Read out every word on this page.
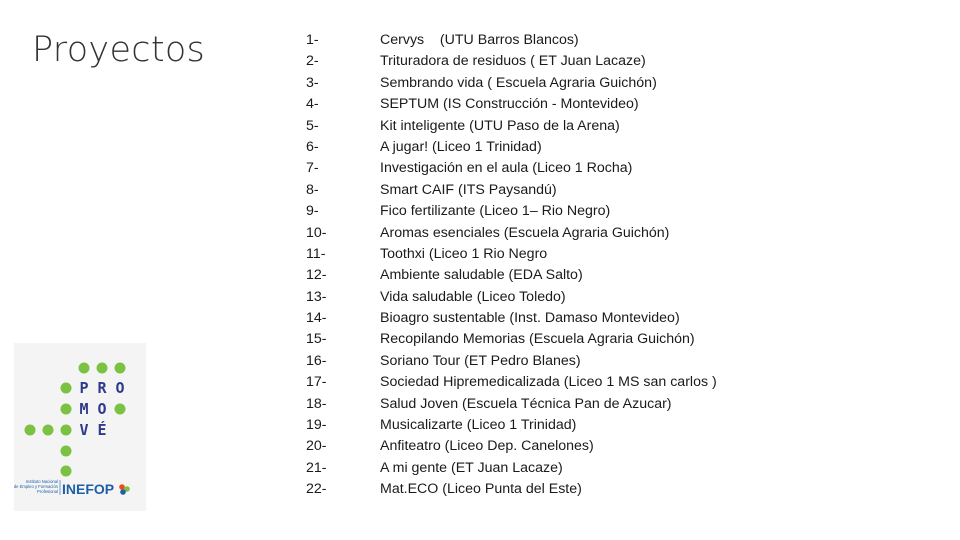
Proyectos	1-
2-
3-
4-
5-
6-
7-
8-
9-
10-
11-
12-
13-
14-
15-
16-
17-
18-
19-
20-
21-
22-
Cervys    (UTU Barros Blancos)
Trituradora de residuos ( ET Juan Lacaze)
Sembrando vida ( Escuela Agraria Guichón)
SEPTUM (IS Construcción - Montevideo)
Kit inteligente (UTU Paso de la Arena)
A jugar! (Liceo 1 Trinidad)
Investigación en el aula (Liceo 1 Rocha)
Smart CAIF (ITS Paysandú)
Fico fertilizante (Liceo 1– Rio Negro)
Aromas esenciales (Escuela Agraria Guichón)
Toothxi (Liceo 1 Rio Negro
Ambiente saludable (EDA Salto)
Vida saludable (Liceo Toledo)
Bioagro sustentable (Inst. Damaso Montevideo)
Recopilando Memorias (Escuela Agraria Guichón)
Soriano Tour (ET Pedro Blanes)
Sociedad Hipremedicalizada (Liceo 1 MS san carlos )
Salud Joven (Escuela Técnica Pan de Azucar)
Musicalizarte (Liceo 1 Trinidad)
Anfiteatro (Liceo Dep. Canelones)
A mi gente (ET Juan Lacaze)
Mat.ECO (Liceo Punta del Este)
P R O
M O
V É
Instituto Nacional
de Empleo y Formación
Profesional INEFOP
